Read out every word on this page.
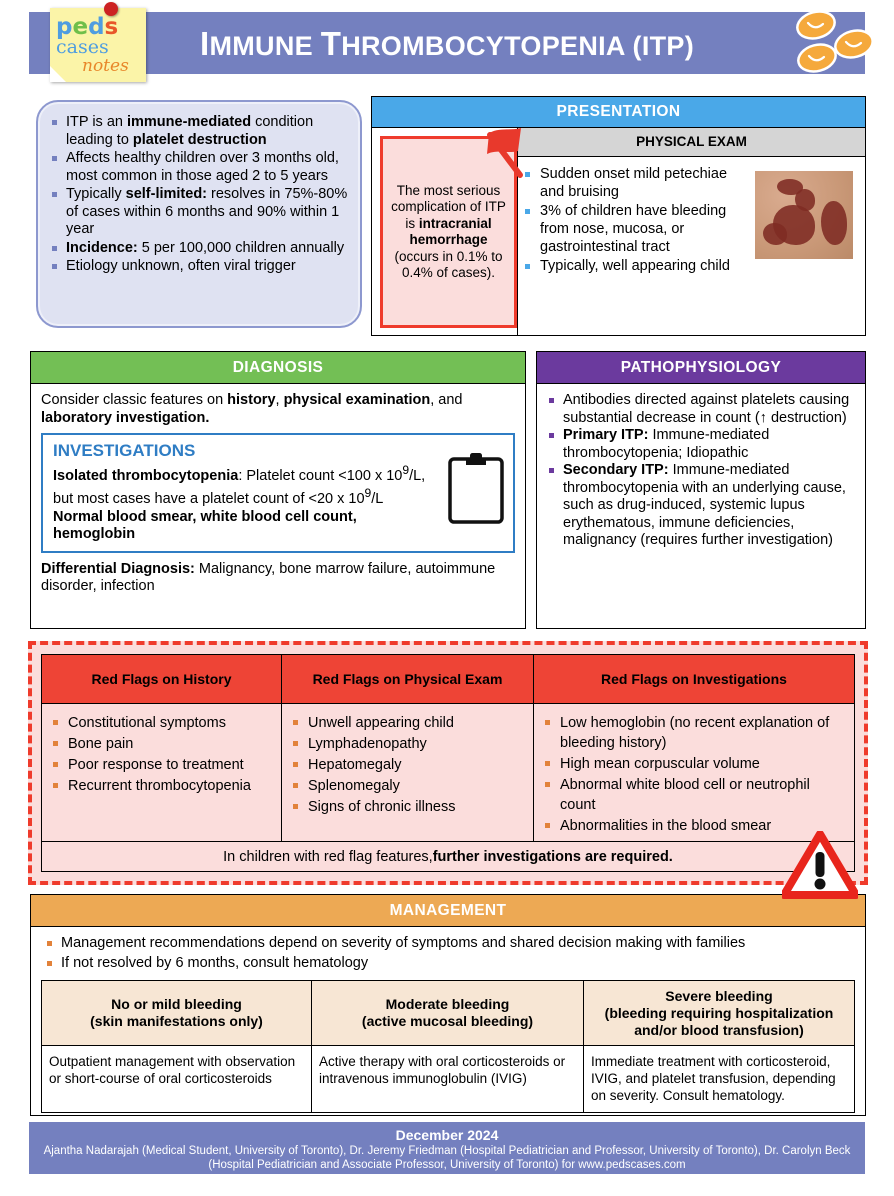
IMMUNE THROMBOCYTOPENIA (ITP)
peds
cases
notes
ITP is an immune-mediated condition leading to platelet destruction
Affects healthy children over 3 months old, most common in those aged 2 to 5 years
Typically self-limited: resolves in 75%-80% of cases within 6 months and 90% within 1 year
Incidence: 5 per 100,000 children annually
Etiology unknown, often viral trigger
PRESENTATION
The most serious complication of ITP is intracranial hemorrhage (occurs in 0.1% to 0.4% of cases).
PHYSICAL EXAM
Sudden onset mild petechiae and bruising
3% of children have bleeding from nose, mucosa, or gastrointestinal tract
Typically, well appearing child
DIAGNOSIS
Consider classic features on history, physical examination, and laboratory investigation.
INVESTIGATIONS
Isolated thrombocytopenia: Platelet count <100 x $10^9/L$, but most cases have a platelet count of <20 x $10^9/L$
Normal blood smear, white blood cell count, hemoglobin
Differential Diagnosis: Malignancy, bone marrow failure, autoimmune disorder, infection
PATHOPHYSIOLOGY
Antibodies directed against platelets causing substantial decrease in count (↑ destruction)
Primary ITP: Immune-mediated thrombocytopenia; Idiopathic
Secondary ITP: Immune-mediated thrombocytopenia with an underlying cause, such as drug-induced, systemic lupus erythematous, immune deficiencies, malignancy (requires further investigation)
Red Flags on History
Constitutional symptoms
Bone pain
Poor response to treatment
Recurrent thrombocytopenia
Red Flags on Physical Exam
Unwell appearing child
Lymphadenopathy
Hepatomegaly
Splenomegaly
Signs of chronic illness
Red Flags on Investigations
Low hemoglobin (no recent explanation of bleeding history)
High mean corpuscular volume
Abnormal white blood cell or neutrophil count
Abnormalities in the blood smear
In children with red flag features, further investigations are required.
MANAGEMENT
Management recommendations depend on severity of symptoms and shared decision making with families
If not resolved by 6 months, consult hematology
No or mild bleeding
(skin manifestations only)
Moderate bleeding
(active mucosal bleeding)
Severe bleeding
(bleeding requiring hospitalization
and/or blood transfusion)
Outpatient management with observation or short-course of oral corticosteroids
Active therapy with oral corticosteroids or intravenous immunoglobulin (IVIG)
Immediate treatment with corticosteroid, IVIG, and platelet transfusion, depending on severity. Consult hematology.
December 2024
Ajantha Nadarajah (Medical Student, University of Toronto), Dr. Jeremy Friedman (Hospital Pediatrician and Professor, University of Toronto), Dr. Carolyn Beck (Hospital Pediatrician and Associate Professor, University of Toronto) for www.pedscases.com
